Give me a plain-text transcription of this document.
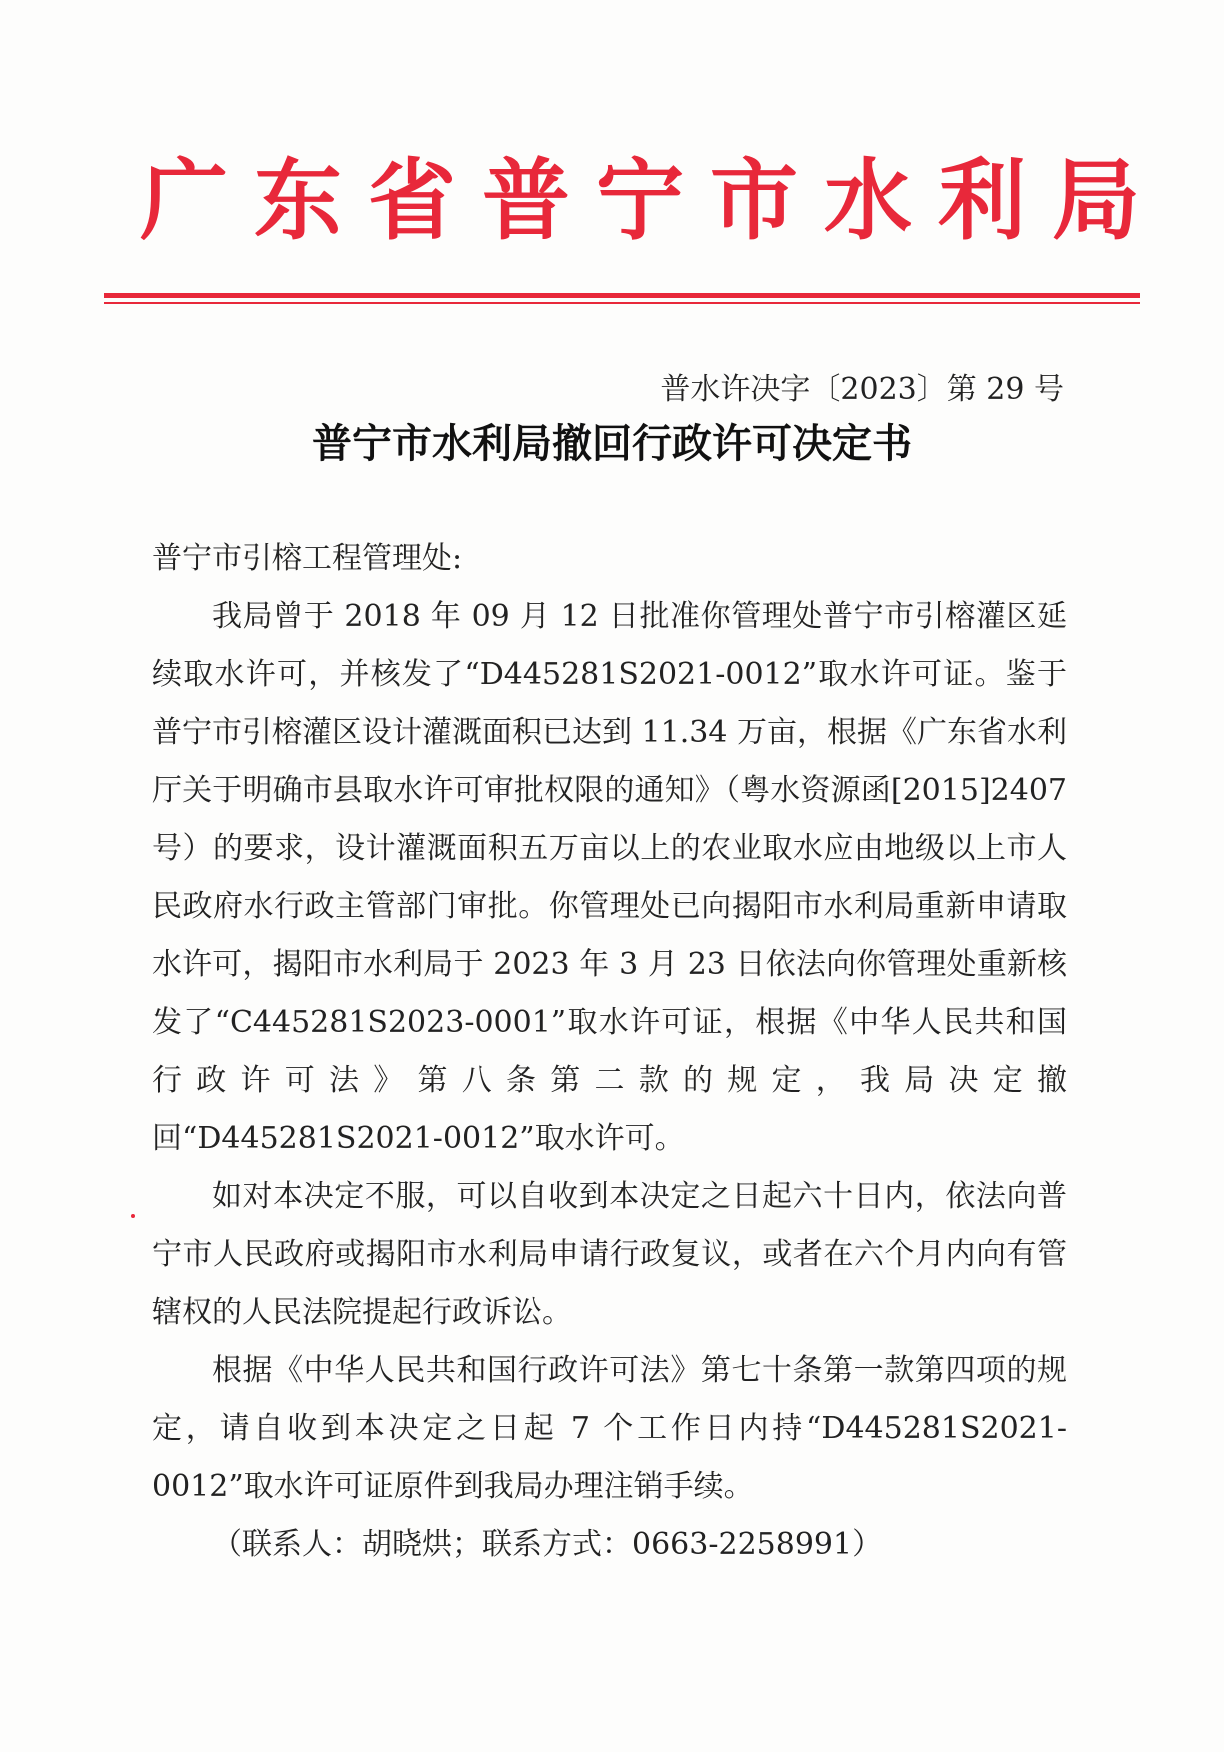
广东省普宁市水利局
普水许决字〔2023〕第 29 号
普宁市水利局撤回行政许可决定书

普宁市引榕工程管理处:

我局曾于 2018 年 09 月 12 日批准你管理处普宁市引榕灌区延续取水许可，并核发了“D445281S2021-0012”取水许可证。鉴于普宁市引榕灌区设计灌溉面积已达到 11.34 万亩，根据《广东省水利厅关于明确市县取水许可审批权限的通知》（粤水资源函[2015]2407 号）的要求，设计灌溉面积五万亩以上的农业取水应由地级以上市人民政府水行政主管部门审批。你管理处已向揭阳市水利局重新申请取水许可，揭阳市水利局于 2023 年 3 月 23 日依法向你管理处重新核发了“C445281S2023-0001”取水许可证，根据《中华人民共和国行政许可法》第八条第二款的规定，我局决定撤回“D445281S2021-0012”取水许可。

如对本决定不服，可以自收到本决定之日起六十日内，依法向普宁市人民政府或揭阳市水利局申请行政复议，或者在六个月内向有管辖权的人民法院提起行政诉讼。

根据《中华人民共和国行政许可法》第七十条第一款第四项的规定，请自收到本决定之日起 7 个工作日内持“D445281S2021-0012”取水许可证原件到我局办理注销手续。

（联系人：胡晓烘；联系方式：0663-2258991）
